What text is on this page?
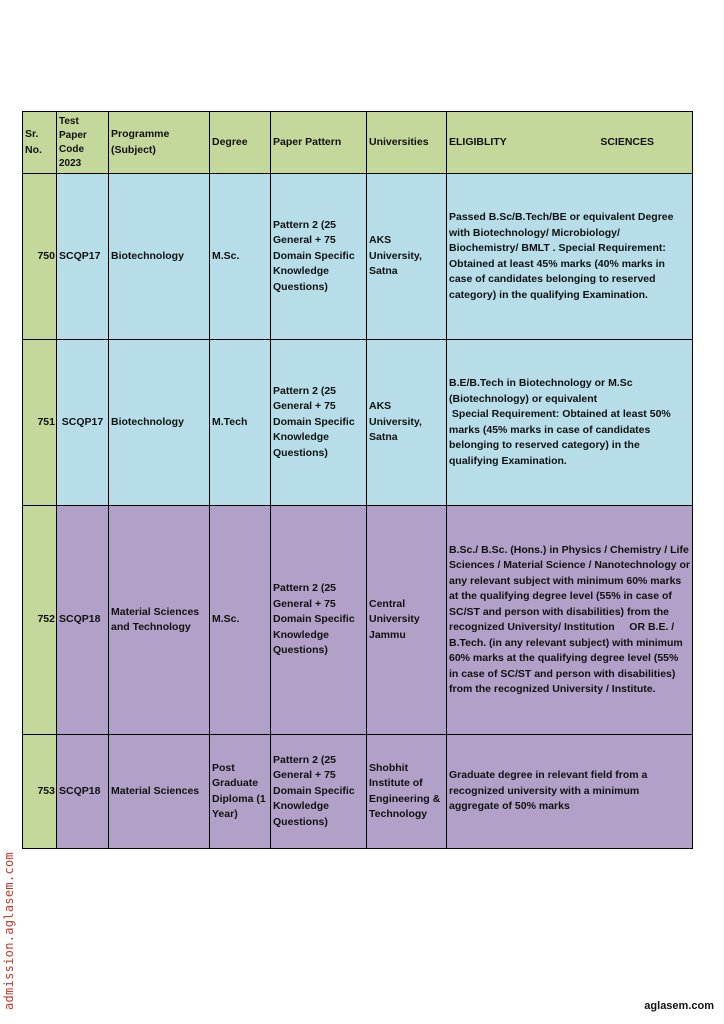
Sr. No.	Test Paper Code 2023	Programme (Subject)	Degree	Paper Pattern	Universities	ELIGIBLITY SCIENCES

750	SCQP17	Biotechnology	M.Sc.	Pattern 2 (25 General + 75 Domain Specific Knowledge Questions)	AKS University, Satna	Passed B.Sc/B.Tech/BE or equivalent Degree with Biotechnology/ Microbiology/ Biochemistry/ BMLT . Special Requirement: Obtained at least 45% marks (40% marks in case of candidates belonging to reserved category) in the qualifying Examination.
751	SCQP17	Biotechnology	M.Tech	Pattern 2 (25 General + 75 Domain Specific Knowledge Questions)	AKS University, Satna	B.E/B.Tech in Biotechnology or M.Sc (Biotechnology) or equivalent
Special Requirement: Obtained at least 50% marks (45% marks in case of candidates belonging to reserved category) in the qualifying Examination.
752	SCQP18	Material Sciences and Technology	M.Sc.	Pattern 2 (25 General + 75 Domain Specific Knowledge Questions)	Central University Jammu	B.Sc./ B.Sc. (Hons.) in Physics / Chemistry / Life Sciences / Material Science / Nanotechnology or any relevant subject with minimum 60% marks at the qualifying degree level (55% in case of SC/ST and person with disabilities) from the recognized University/ Institution     OR B.E. / B.Tech. (in any relevant subject) with minimum 60% marks at the qualifying degree level (55% in case of SC/ST and person with disabilities) from the recognized University / Institute.
753	SCQP18	Material Sciences	Post Graduate Diploma (1 Year)	Pattern 2 (25 General + 75 Domain Specific Knowledge Questions)	Shobhit Institute of Engineering & Technology	Graduate degree in relevant field from a recognized university with a minimum aggregate of 50% marks
admission.aglasem.com	aglasem.com
